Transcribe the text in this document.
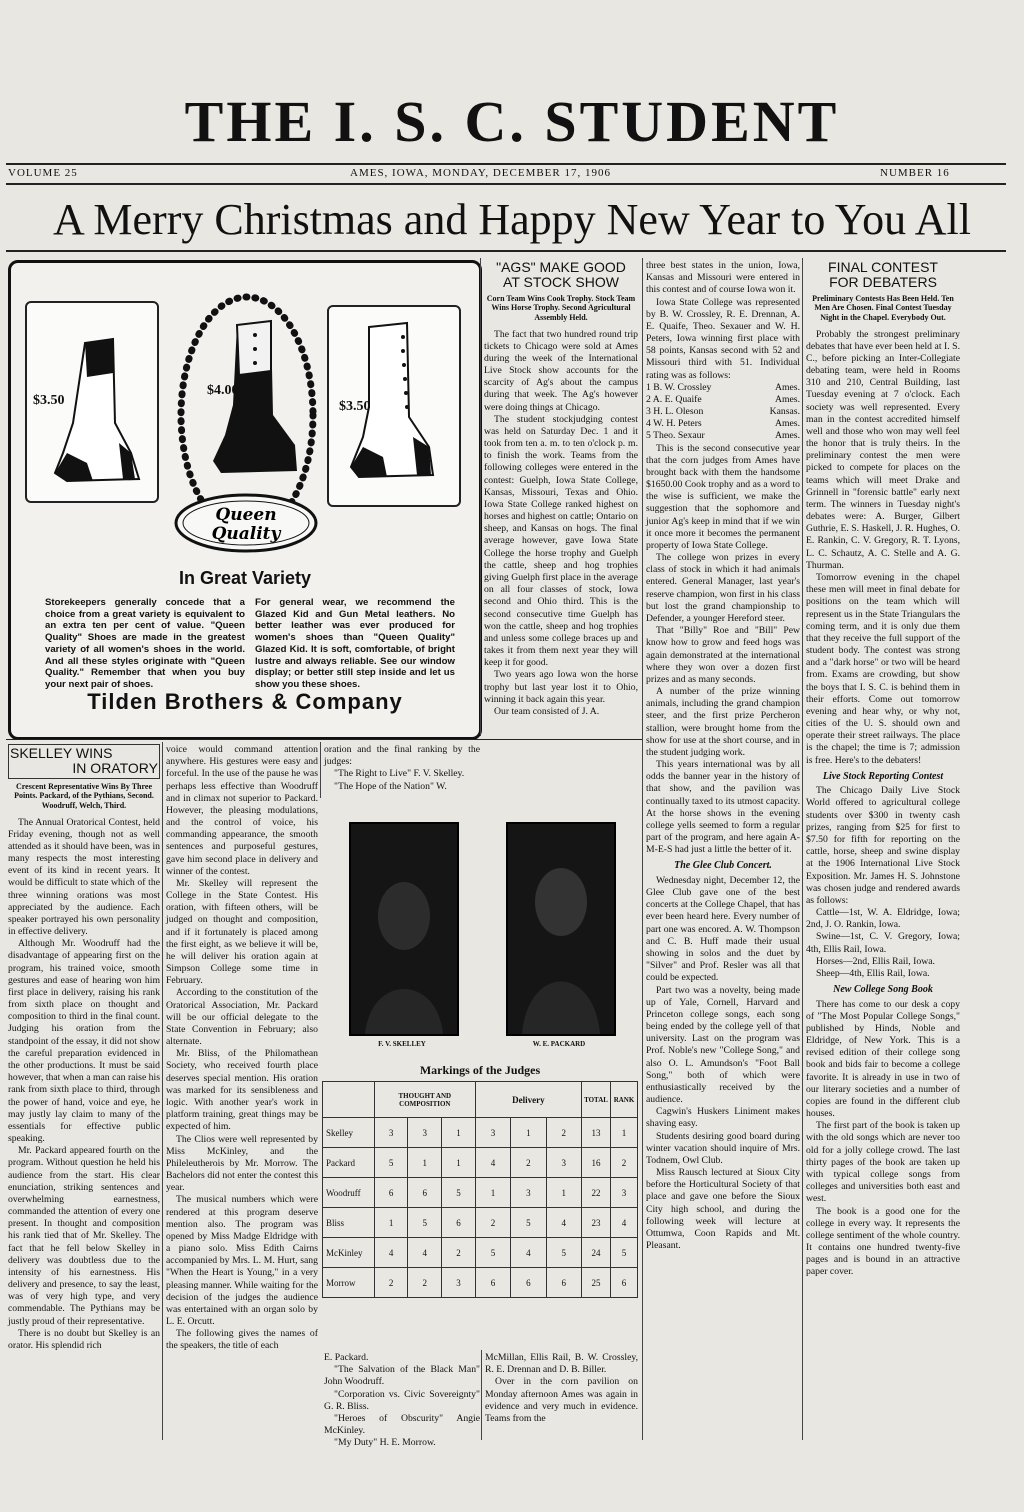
THE I. S. C. STUDENT
VOLUME 25	AMES, IOWA, MONDAY, DECEMBER 17, 1906	NUMBER 16
A Merry Christmas and Happy New Year to You All
$3.50	$3.50
$4.00
Queen
Quality
In Great Variety
Storekeepers generally concede that a choice from a great variety is equivalent to an extra ten per cent of value. "Queen Quality" Shoes are made in the greatest variety of all women's shoes in the world. And all these styles originate with "Queen Quality." Remember that when you buy your next pair of shoes.
For general wear, we recommend the Glazed Kid and Gun Metal leathers. No better leather was ever produced for women's shoes than "Queen Quality" Glazed Kid. It is soft, comfortable, of bright lustre and always reliable. See our window display; or better still step inside and let us show you these shoes.
Tilden Brothers & Company
"AGS" MAKE GOOD
AT STOCK SHOW
Corn Team Wins Cook Trophy. Stock Team Wins Horse Trophy. Second Agricultural Assembly Held.

The fact that two hundred round trip tickets to Chicago were sold at Ames during the week of the International Live Stock show accounts for the scarcity of Ag's about the campus during that week. The Ag's however were doing things at Chicago.

The student stockjudging contest was held on Saturday Dec. 1 and it took from ten a. m. to ten o'clock p. m. to finish the work. Teams from the following colleges were entered in the contest: Guelph, Iowa State College, Kansas, Missouri, Texas and Ohio. Iowa State College ranked highest on horses and highest on cattle; Ontario on sheep, and Kansas on hogs. The final average however, gave Iowa State College the horse trophy and Guelph the cattle, sheep and hog trophies giving Guelph first place in the average on all four classes of stock, Iowa second and Ohio third. This is the second consecutive time Guelph has won the cattle, sheep and hog trophies and unless some college braces up and takes it from them next year they will keep it for good.

Two years ago Iowa won the horse trophy but last year lost it to Ohio, winning it back again this year.

Our team consisted of J. A.

three best states in the union, Iowa, Kansas and Missouri were entered in this contest and of course Iowa won it.

Iowa State College was represented by B. W. Crossley, R. E. Drennan, A. E. Quaife, Theo. Sexauer and W. H. Peters, Iowa winning first place with 58 points, Kansas second with 52 and Missouri third with 51. Individual rating was as follows:

1 B. W. Crossley	Ames.
2 A. E. Quaife	Ames.
3 H. L. Oleson	Kansas.
4 W. H. Peters	Ames.
5 Theo. Sexaur	Ames.

This is the second consecutive year that the corn judges from Ames have brought back with them the handsome $1650.00 Cook trophy and as a word to the wise is sufficient, we make the suggestion that the sophomore and junior Ag's keep in mind that if we win it once more it becomes the permanent property of Iowa State College.

The college won prizes in every class of stock in which it had animals entered. General Manager, last year's reserve champion, won first in his class but lost the grand championship to Defender, a younger Hereford steer.

That "Billy" Roe and "Bill" Pew know how to grow and feed hogs was again demonstrated at the international where they won over a dozen first prizes and as many seconds.

A number of the prize winning animals, including the grand champion steer, and the first prize Percheron stallion, were brought home from the show for use at the short course, and in the student judging work.

This years international was by all odds the banner year in the history of that show, and the pavilion was continually taxed to its utmost capacity. At the horse shows in the evening college yells seemed to form a regular part of the program, and here again A-M-E-S had just a little the better of it.

The Glee Club Concert.

Wednesday night, December 12, the Glee Club gave one of the best concerts at the College Chapel, that has ever been heard here. Every number of part one was encored. A. W. Thompson and C. B. Huff made their usual showing in solos and the duet by "Silver" and Prof. Resler was all that could be expected.

Part two was a novelty, being made up of Yale, Cornell, Harvard and Princeton college songs, each song being ended by the college yell of that university. Last on the program was Prof. Noble's new "College Song," and also O. L. Amundson's "Foot Ball Song," both of which were enthusiastically received by the audience.

Cagwin's Huskers Liniment makes shaving easy.

Students desiring good board during winter vacation should inquire of Mrs. Todnem, Owl Club.

Miss Rausch lectured at Sioux City before the Horticultural Society of that place and gave one before the Sioux City high school, and during the following week will lecture at Ottumwa, Coon Rapids and Mt. Pleasant.

FINAL CONTEST
FOR DEBATERS
Preliminary Contests Has Been Held. Ten Men Are Chosen. Final Contest Tuesday Night in the Chapel. Everybody Out.

Probably the strongest preliminary debates that have ever been held at I. S. C., before picking an Inter-Collegiate debating team, were held in Rooms 310 and 210, Central Building, last Tuesday evening at 7 o'clock. Each society was well represented. Every man in the contest accredited himself well and those who won may well feel the honor that is truly theirs. In the preliminary contest the men were picked to compete for places on the teams which will meet Drake and Grinnell in "forensic battle" early next term. The winners in Tuesday night's debates were: A. Burger, Gilbert Guthrie, E. S. Haskell, J. R. Hughes, O. E. Rankin, C. V. Gregory, R. T. Lyons, L. C. Schautz, A. C. Stelle and A. G. Thurman.

Tomorrow evening in the chapel these men will meet in final debate for positions on the team which will represent us in the State Triangulars the coming term, and it is only due them that they receive the full support of the student body. The contest was strong and a "dark horse" or two will be heard from. Exams are crowding, but show the boys that I. S. C. is behind them in their efforts. Come out tomorrow evening and hear why, or why not, cities of the U. S. should own and operate their street railways. The place is the chapel; the time is 7; admission is free. Here's to the debaters!

Live Stock Reporting Contest

The Chicago Daily Live Stock World offered to agricultural college students over $300 in twenty cash prizes, ranging from $25 for first to $7.50 for fifth for reporting on the cattle, horse, sheep and swine display at the 1906 International Live Stock Exposition. Mr. James H. S. Johnstone was chosen judge and rendered awards as follows:

Cattle—1st, W. A. Eldridge, Iowa; 2nd, J. O. Rankin, Iowa.

Swine—1st, C. V. Gregory, Iowa; 4th, Ellis Rail, Iowa.

Horses—2nd, Ellis Rail, Iowa.

Sheep—4th, Ellis Rail, Iowa.

New College Song Book

There has come to our desk a copy of "The Most Popular College Songs," published by Hinds, Noble and Eldridge, of New York. This is a revised edition of their college song book and bids fair to become a college favorite. It is already in use in two of our literary societies and a number of copies are found in the different club houses.

The first part of the book is taken up with the old songs which are never too old for a jolly college crowd. The last thirty pages of the book are taken up with typical college songs from colleges and universities both east and west.

The book is a good one for the college in every way. It represents the college sentiment of the whole country. It contains one hundred twenty-five pages and is bound in an attractive paper cover.

SKELLEY WINS
IN ORATORY
Crescent Representative Wins By Three Points. Packard, of the Pythians, Second. Woodruff, Welch, Third.

The Annual Oratorical Contest, held Friday evening, though not as well attended as it should have been, was in many respects the most interesting event of its kind in recent years. It would be difficult to state which of the three winning orations was most appreciated by the audience. Each speaker portrayed his own personality in effective delivery.

Although Mr. Woodruff had the disadvantage of appearing first on the program, his trained voice, smooth gestures and ease of hearing won him first place in delivery, raising his rank from sixth place on thought and composition to third in the final count. Judging his oration from the standpoint of the essay, it did not show the careful preparation evidenced in the other productions. It must be said however, that when a man can raise his rank from sixth place to third, through the power of hand, voice and eye, he may justly lay claim to many of the essentials for effective public speaking.

Mr. Packard appeared fourth on the program. Without question he held his audience from the start. His clear enunciation, striking sentences and overwhelming earnestness, commanded the attention of every one present. In thought and composition his rank tied that of Mr. Skelley. The fact that he fell below Skelley in delivery was doubtless due to the intensity of his earnestness. His delivery and presence, to say the least, was of very high type, and very commendable. The Pythians may be justly proud of their representative.

There is no doubt but Skelley is an orator. His splendid rich

voice would command attention anywhere. His gestures were easy and forceful. In the use of the pause he was perhaps less effective than Woodruff and in climax not superior to Packard. However, the pleasing modulations, and the control of voice, his commanding appearance, the smooth sentences and purposeful gestures, gave him second place in delivery and winner of the contest.

Mr. Skelley will represent the College in the State Contest. His oration, with fifteen others, will be judged on thought and composition, and if it fortunately is placed among the first eight, as we believe it will be, he will deliver his oration again at Simpson College some time in February.

According to the constitution of the Oratorical Association, Mr. Packard will be our official delegate to the State Convention in February; also alternate.

Mr. Bliss, of the Philomathean Society, who received fourth place deserves special mention. His oration was marked for its sensibleness and logic. With another year's work in platform training, great things may be expected of him.

The Clios were well represented by Miss McKinley, and the Phileleutherois by Mr. Morrow. The Bachelors did not enter the contest this year.

The musical numbers which were rendered at this program deserve mention also. The program was opened by Miss Madge Eldridge with a piano solo. Miss Edith Cairns accompanied by Mrs. L. M. Hurt, sang "When the Heart is Young," in a very pleasing manner. While waiting for the decision of the judges the audience was entertained with an organ solo by L. E. Orcutt.

The following gives the names of the speakers, the title of each

oration and the final ranking by the judges:

"The Right to Live" F. V. Skelley.

"The Hope of the Nation" W.

F. V. SKELLEY	W. E. PACKARD
Markings of the Judges
	THOUGHT AND COMPOSITION			Delivery			TOTAL	RANK
Skelley	3	3	1	3	1	2	13	1
Packard	5	1	1	4	2	3	16	2
Woodruff	6	6	5	1	3	1	22	3
Bliss	1	5	6	2	5	4	23	4
McKinley	4	4	2	5	4	5	24	5
Morrow	2	2	3	6	6	6	25	6
E. Packard.

"The Salvation of the Black Man" John Woodruff.

"Corporation vs. Civic Sovereignty" G. R. Bliss.

"Heroes of Obscurity" Angie McKinley.

"My Duty" H. E. Morrow.

McMillan, Ellis Rail, B. W. Crossley, R. E. Drennan and D. B. Biller.

Over in the corn pavilion on Monday afternoon Ames was again in evidence and very much in evidence. Teams from the
